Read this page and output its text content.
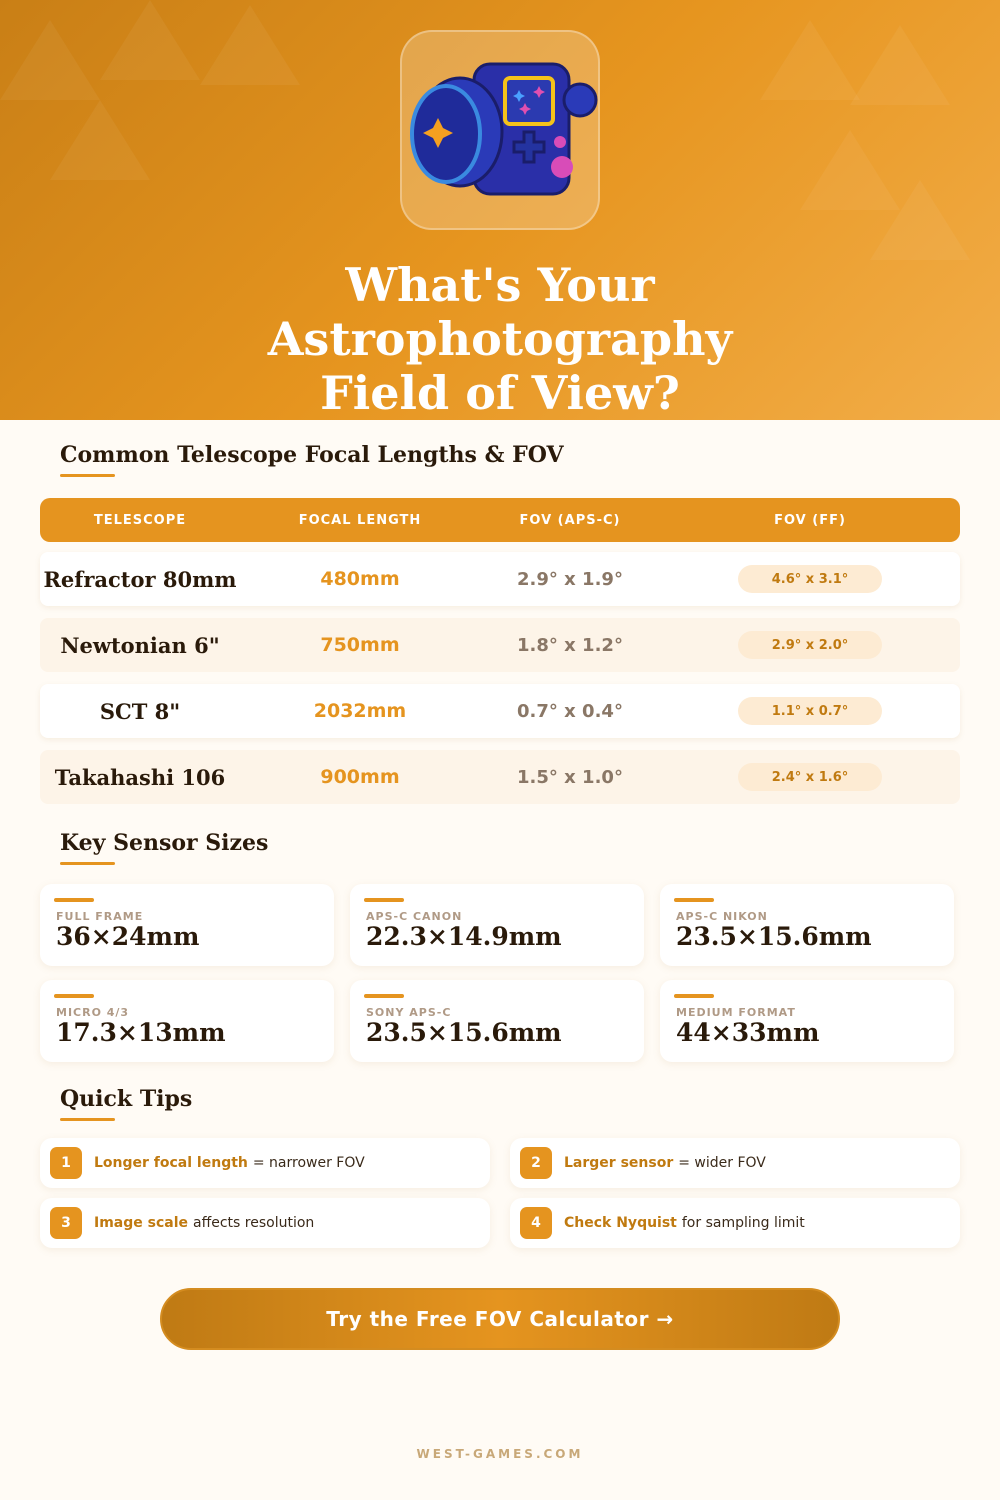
What's Your
Astrophotography
Field of View?
Common Telescope Focal Lengths & FOV
TELESCOPE	FOCAL LENGTH	FOV (APS-C)	FOV (FF)
Refractor 80mm	480mm	2.9° x 1.9°	4.6° x 3.1°
Newtonian 6"	750mm	1.8° x 1.2°	2.9° x 2.0°
SCT 8"	2032mm	0.7° x 0.4°	1.1° x 0.7°
Takahashi 106	900mm	1.5° x 1.0°	2.4° x 1.6°
Key Sensor Sizes
FULL FRAME
36×24mm
APS-C CANON
22.3×14.9mm
APS-C NIKON
23.5×15.6mm
MICRO 4/3
17.3×13mm
SONY APS-C
23.5×15.6mm
MEDIUM FORMAT
44×33mm
Quick Tips
1	Longer focal length = narrower FOV	2	Larger sensor = wider FOV
3	Image scale affects resolution	4	Check Nyquist for sampling limit
Try the Free FOV Calculator →
WEST-GAMES.COM
